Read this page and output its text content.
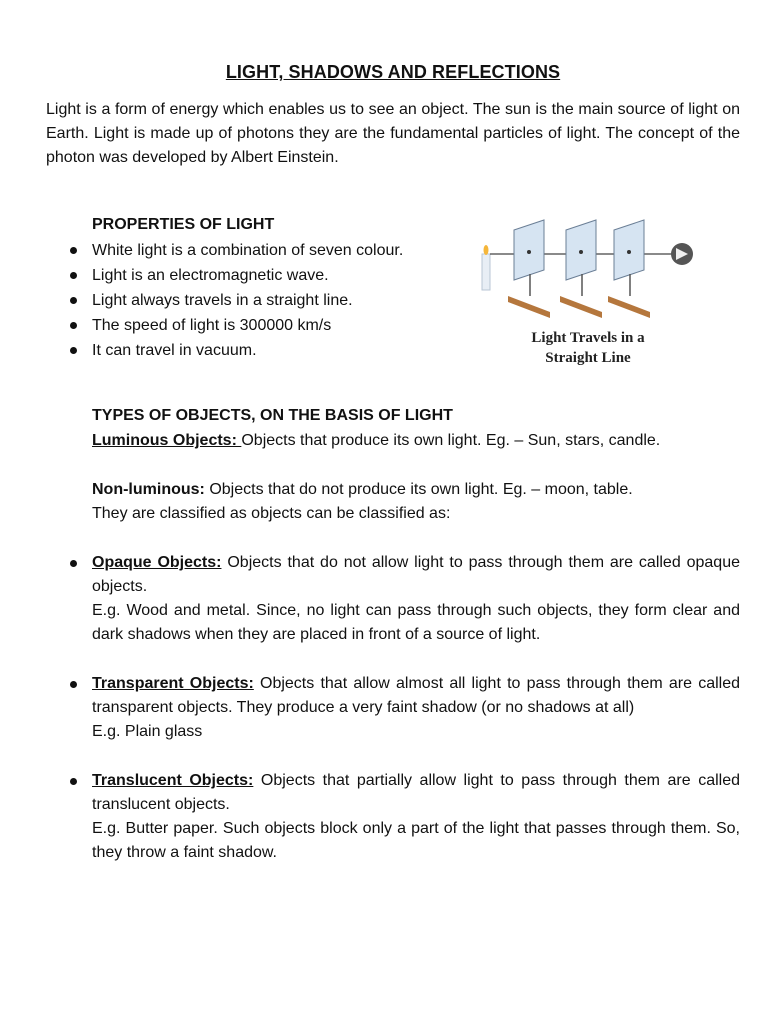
LIGHT, SHADOWS AND REFLECTIONS
Light is a form of energy which enables us to see an object. The sun is the main source of light on Earth. Light is made up of photons they are the fundamental particles of light. The concept of the photon was developed by Albert Einstein.
PROPERTIES OF LIGHT
White light is a combination of seven colour.
Light is an electromagnetic wave.
Light always travels in a straight line.
The speed of light is 300000 km/s
It can travel in vacuum.
Light Travels in a
Straight Line
TYPES OF OBJECTS, ON THE BASIS OF LIGHT
Luminous Objects: Objects that produce its own light. Eg. – Sun, stars, candle.
Non-luminous: Objects that do not produce its own light. Eg. – moon, table.
They are classified as objects can be classified as:
Opaque Objects: Objects that do not allow light to pass through them are called opaque objects.
E.g. Wood and metal. Since, no light can pass through such objects, they form clear and dark shadows when they are placed in front of a source of light.
Transparent Objects: Objects that allow almost all light to pass through them are called transparent objects. They produce a very faint shadow (or no shadows at all)
E.g. Plain glass
Translucent Objects: Objects that partially allow light to pass through them are called translucent objects.
E.g. Butter paper. Such objects block only a part of the light that passes through them. So, they throw a faint shadow.
